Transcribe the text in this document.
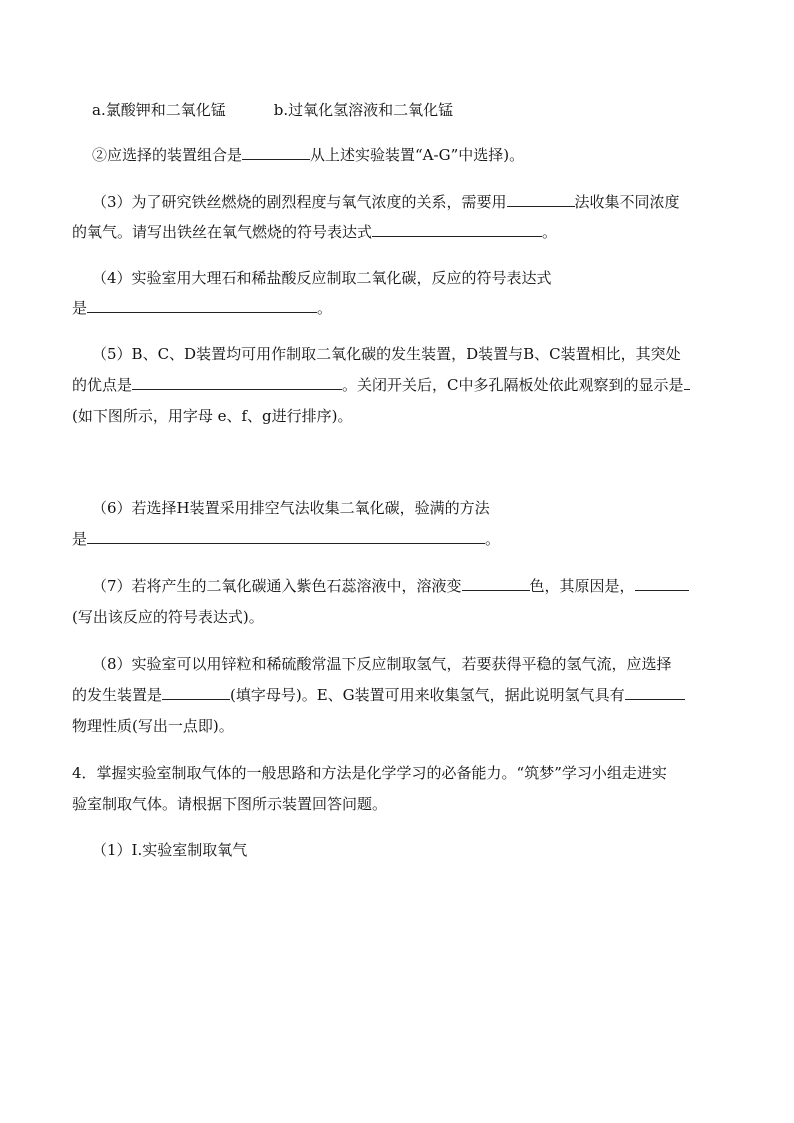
a.氯酸钾和二氧化锰	b.过氧化氢溶液和二氧化锰
②应选择的装置组合是	从上述实验装置“A-G”中选择)。
（3）为了研究铁丝燃烧的剧烈程度与氧气浓度的关系，需要用	法收集不同浓度
的氧气。请写出铁丝在氧气燃烧的符号表达式	。
（4）实验室用大理石和稀盐酸反应制取二氧化碳，反应的符号表达式
是	。
（5）B、C、D装置均可用作制取二氧化碳的发生装置，D装置与B、C装置相比，其突处
的优点是	。关闭开关后，C中多孔隔板处依此观察到的显示是
(如下图所示，用字母 e、f、g进行排序)。
（6）若选择H装置采用排空气法收集二氧化碳，验满的方法
是	。
（7）若将产生的二氧化碳通入紫色石蕊溶液中，溶液变	色，其原因是，
(写出该反应的符号表达式)。
（8）实验室可以用锌粒和稀硫酸常温下反应制取氢气，若要获得平稳的氢气流，应选择
的发生装置是	(填字母号)。E、G装置可用来收集氢气，据此说明氢气具有
物理性质(写出一点即)。
4．掌握实验室制取气体的一般思路和方法是化学学习的必备能力。“筑梦”学习小组走进实
验室制取气体。请根据下图所示装置回答问题。
（1）I.实验室制取氧气
